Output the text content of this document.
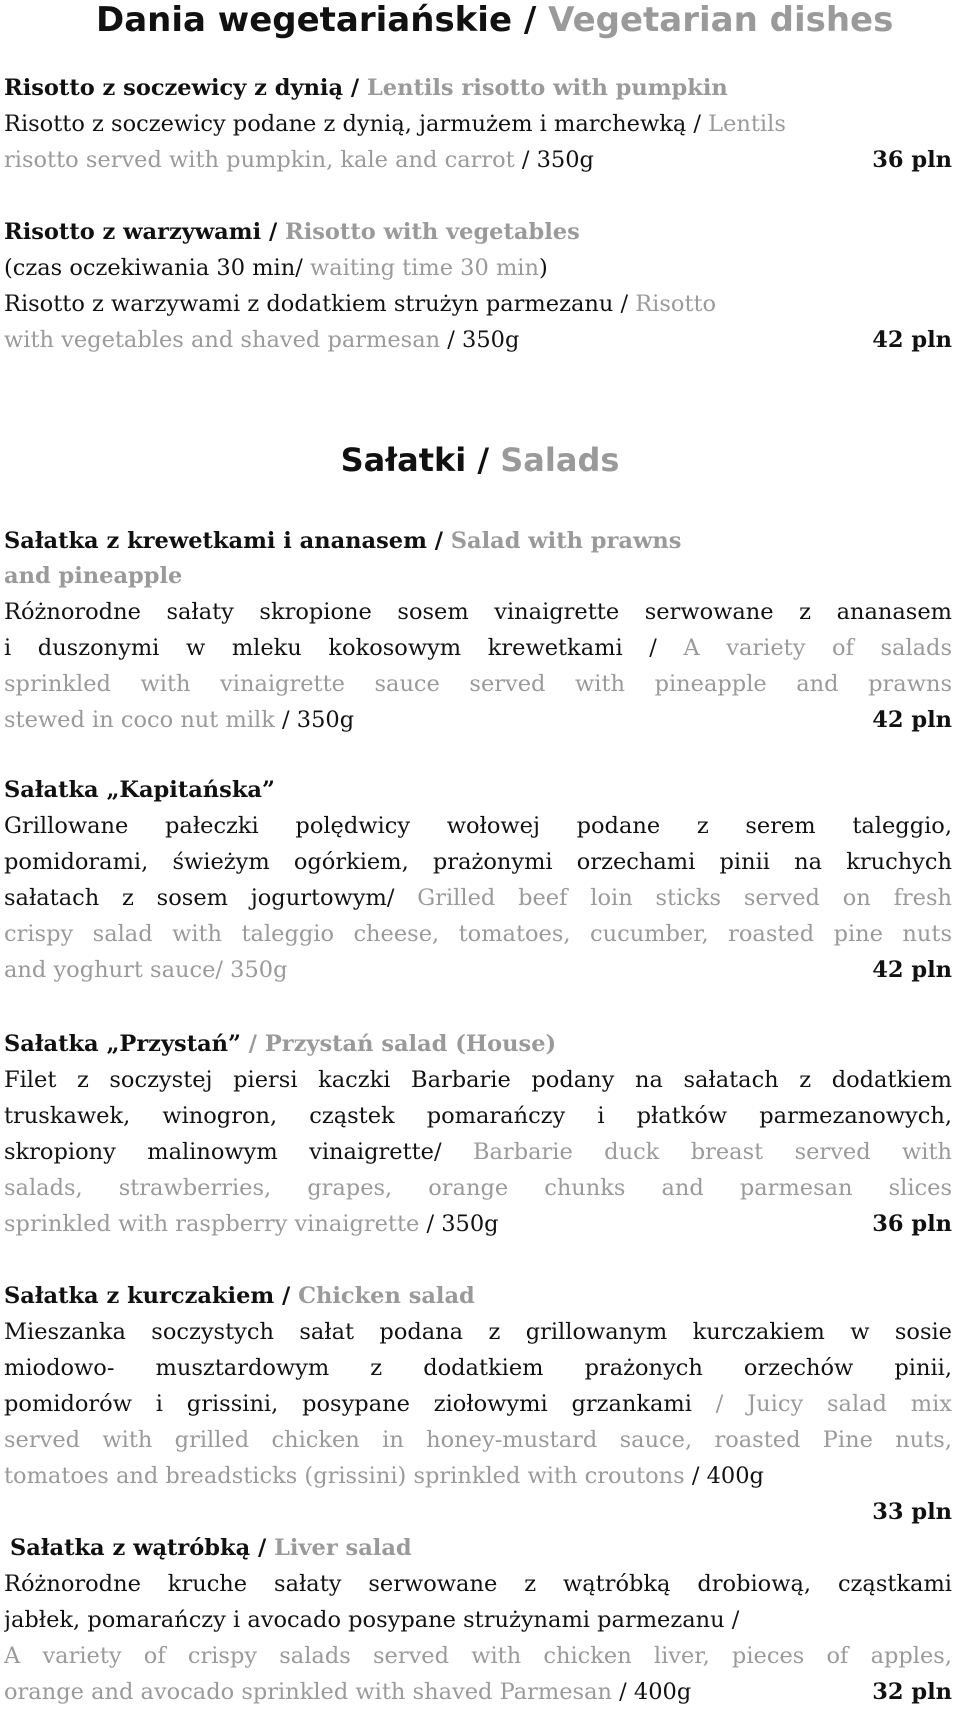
Dania wegetariańskie / Vegetarian dishes
Risotto z soczewicy z dynią / Lentils risotto with pumpkin
Risotto z soczewicy podane z dynią, jarmużem i marchewką / Lentils
risotto served with pumpkin, kale and carrot / 350g	36 pln
Risotto z warzywami / Risotto with vegetables
(czas oczekiwania 30 min/ waiting time 30 min)
Risotto z warzywami z dodatkiem strużyn parmezanu / Risotto
with vegetables and shaved parmesan / 350g	42 pln
Sałatki / Salads
Sałatka z krewetkami i ananasem / Salad with prawns
and pineapple
Różnorodne sałaty skropione sosem vinaigrette serwowane z ananasem
i duszonymi w mleku kokosowym krewetkami / A variety of salads
sprinkled with vinaigrette sauce served with pineapple and prawns
stewed in coco nut milk / 350g	42 pln
Sałatka „Kapitańska”
Grillowane pałeczki polędwicy wołowej podane z serem taleggio,
pomidorami, świeżym ogórkiem, prażonymi orzechami pinii na kruchych
sałatach z sosem jogurtowym/ Grilled beef loin sticks served on fresh
crispy salad with taleggio cheese, tomatoes, cucumber, roasted pine nuts
and yoghurt sauce/ 350g	42 pln
Sałatka „Przystań” / Przystań salad (House)
Filet z soczystej piersi kaczki Barbarie podany na sałatach z dodatkiem
truskawek, winogron, cząstek pomarańczy i płatków parmezanowych,
skropiony malinowym vinaigrette/ Barbarie duck breast served with
salads, strawberries, grapes, orange chunks and parmesan slices
sprinkled with raspberry vinaigrette / 350g	36 pln
Sałatka z kurczakiem / Chicken salad
Mieszanka soczystych sałat podana z grillowanym kurczakiem w sosie
miodowo- musztardowym z dodatkiem prażonych orzechów pinii,
pomidorów i grissini, posypane ziołowymi grzankami / Juicy salad mix
served with grilled chicken in honey-mustard sauce, roasted Pine nuts,
tomatoes and breadsticks (grissini) sprinkled with croutons / 400g
33 pln
Sałatka z wątróbką / Liver salad
Różnorodne kruche sałaty serwowane z wątróbką drobiową, cząstkami
jabłek, pomarańczy i avocado posypane strużynami parmezanu /
A variety of crispy salads served with chicken liver, pieces of apples,
orange and avocado sprinkled with shaved Parmesan / 400g	32 pln
